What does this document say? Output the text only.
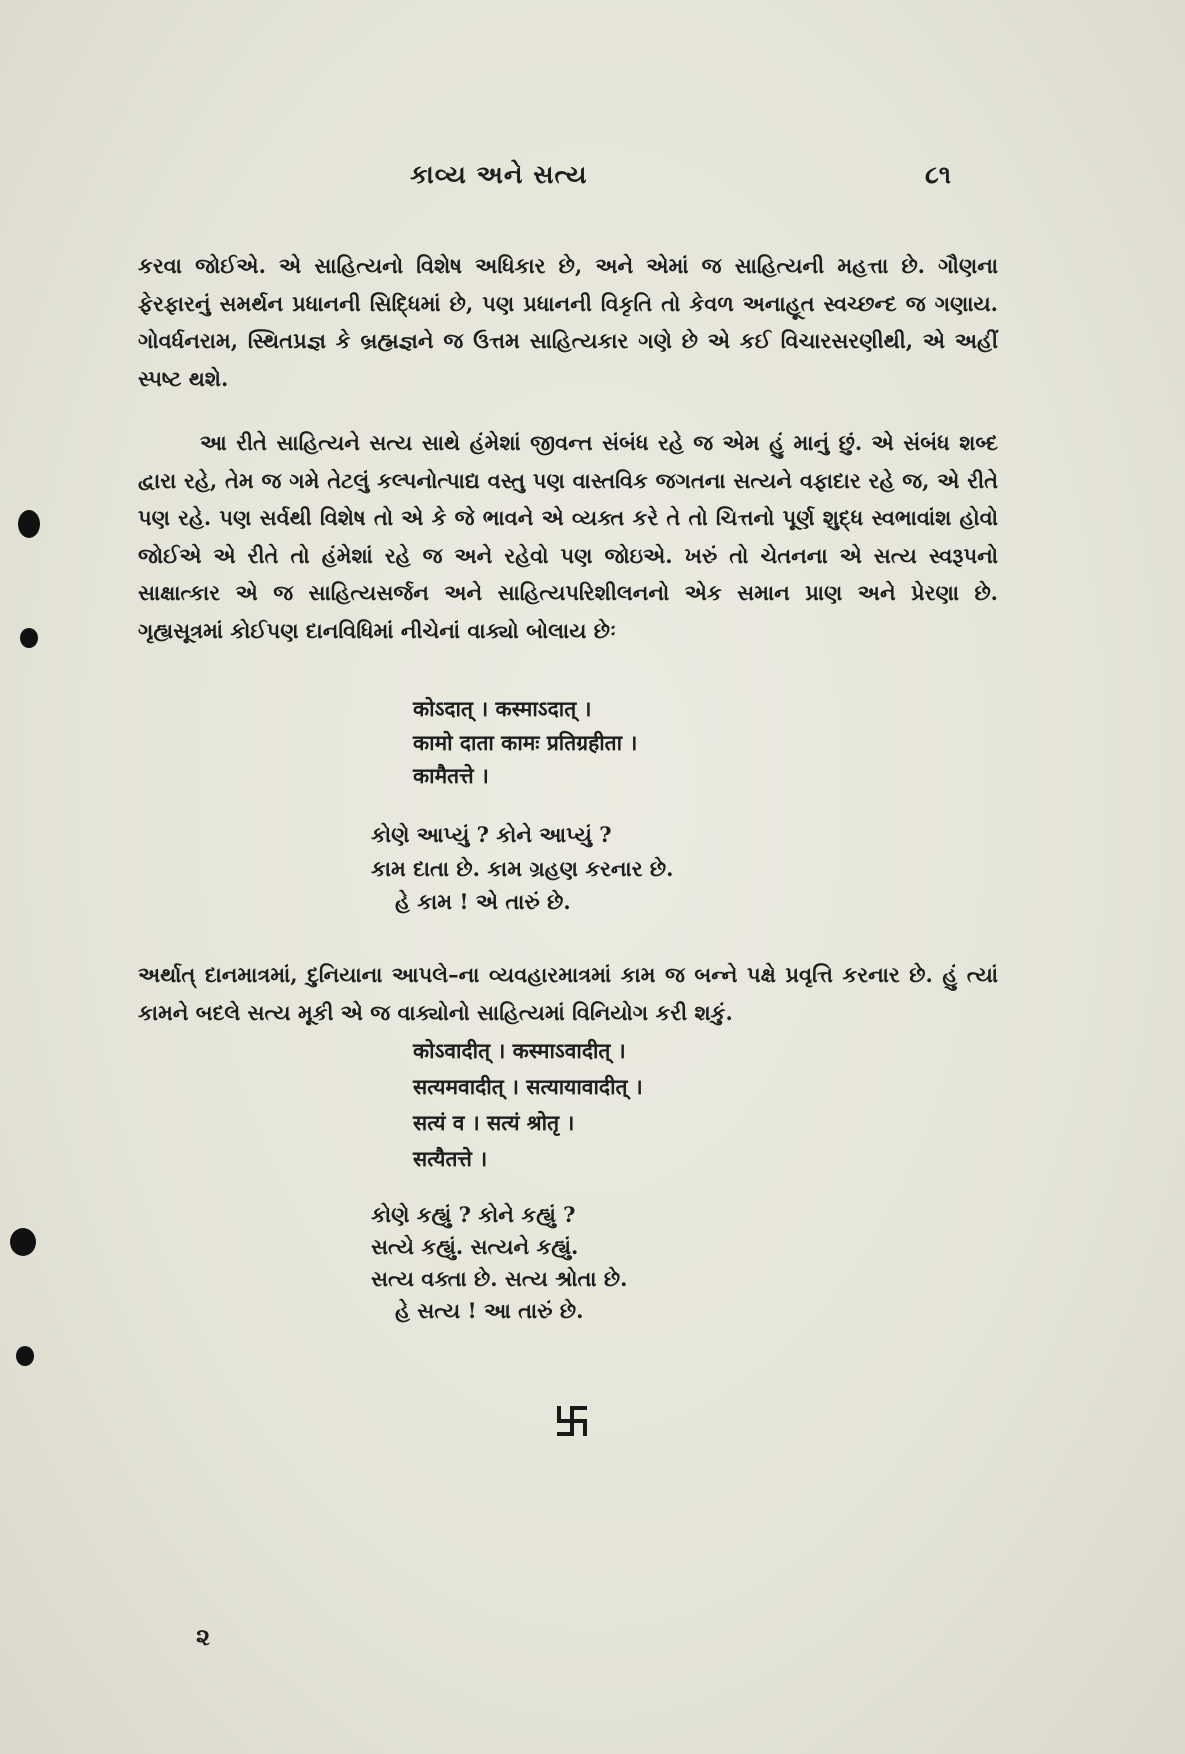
કાવ્ય અને સત્ય	૮૧

કરવા જોઈએ. એ સાહિત્યનો વિશેષ અધિકાર છે, અને એમાં જ સાહિત્યની મહત્તા છે. ગૌણના ફેરફારનું સમર્થન પ્રધાનની સિદ્ધિમાં છે, પણ પ્રધાનની વિકૃતિ તો કેવળ અનાહૂત સ્વચ્છન્દ જ ગણાય. ગોવર્ધનરામ, સ્થિતપ્રજ્ઞ કે બ્રહ્મજ્ઞને જ ઉત્તમ સાહિત્યકાર ગણે છે એ કઈ વિચારસરણીથી, એ અહીં સ્પષ્ટ થશે.

આ રીતે સાહિત્યને સત્ય સાથે હંમેશાં જીવન્ત સંબંધ રહે જ એમ હું માનું છું. એ સંબંધ શબ્દ દ્વારા રહે, તેમ જ ગમે તેટલું કલ્પનોત્પાદ્ય વસ્તુ પણ વાસ્તવિક જગતના સત્યને વફાદાર રહે જ, એ રીતે પણ રહે. પણ સર્વથી વિશેષ તો એ કે જે ભાવને એ વ્યક્ત કરે તે તો ચિત્તનો પૂર્ણ શુદ્ધ સ્વભાવાંશ હોવો જોઈએ એ રીતે તો હંમેશાં રહે જ અને રહેવો પણ જોઇએ. ખરું તો ચેતનના એ સત્ય સ્વરૂપનો સાક્ષાત્કાર એ જ સાહિત્યસર્જન અને સાહિત્યપરિશીલનનો એક સમાન પ્રાણ અને પ્રેરણા છે. ગૃહ્યસૂત્રમાં કોઈપણ દાનવિધિમાં નીચેનાં વાક્યો બોલાય છેઃ

कोऽदात् । कस्माऽदात् ।
कामो दाता कामः प्रतिग्रहीता ।
कामैतत्ते ।
કોણે આપ્યું ? કોને આપ્યું ?
કામ દાતા છે. કામ ગ્રહણ કરનાર છે.
હે કામ ! એ તારું છે.

અર્થાત્ દાનમાત્રમાં, દુનિયાના આપલે–ના વ્યવહારમાત્રમાં કામ જ બન્ને પક્ષે પ્રવૃત્તિ કરનાર છે. હું ત્યાં કામને બદલે સત્ય મૂકી એ જ વાક્યોનો સાહિત્યમાં વિનિયોગ કરી શકું.

कोऽवादीत् । कस्माऽवादीत् ।
सत्यमवादीत् । सत्यायावादीत् ।
सत्यं व । सत्यं श्रोतृ ।
सत्यैतत्ते ।
કોણે કહ્યું ? કોને કહ્યું ?
સત્યે કહ્યું. સત્યને કહ્યું.
સત્ય વક્તા છે. સત્ય શ્રોતા છે.
હે સત્ય ! આ તારું છે.
૨
